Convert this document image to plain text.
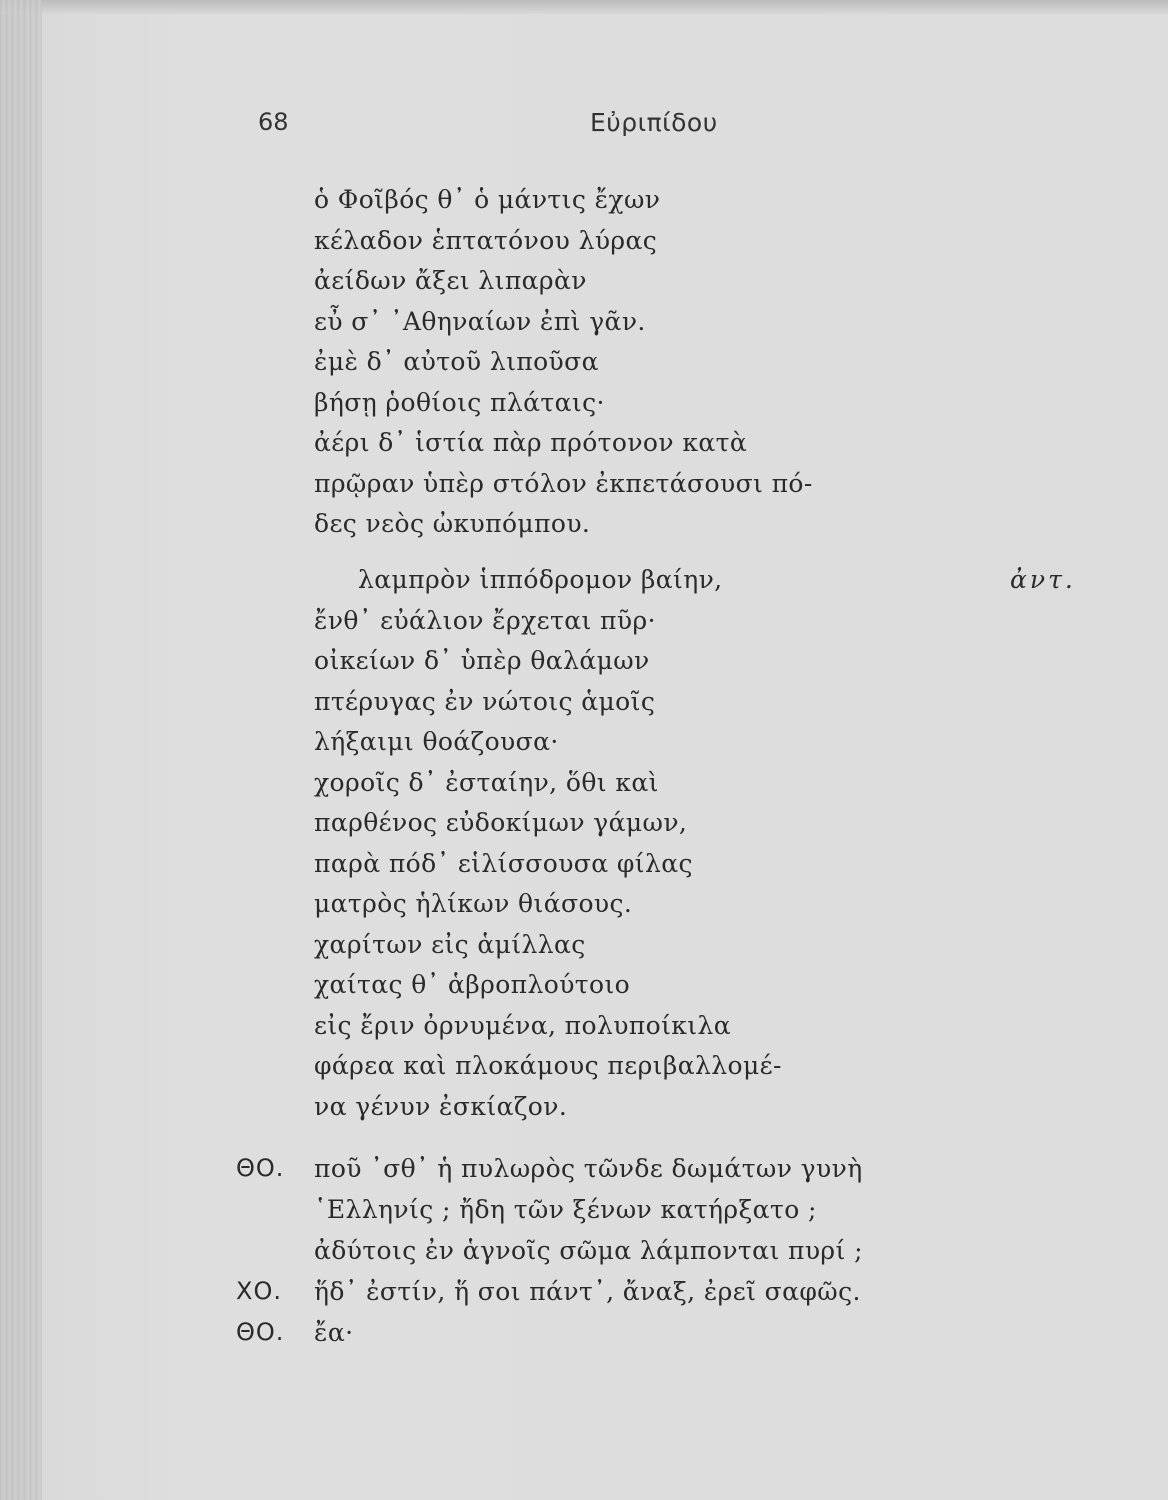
68	Εὐριπίδου
ὁ Φοῖβός θ᾽ ὁ μάντις ἔχων
κέλαδον ἑπτατόνου λύρας
ἀείδων ἄξει λιπαρὰν
εὖ σ᾽ ᾽Αθηναίων ἐπὶ γᾶν.
ἐμὲ δ᾽ αὐτοῦ λιποῦσα
βήσῃ ῥοθίοις πλάταις·
ἀέρι δ᾽ ἱστία πὰρ πρότονον κατὰ
πρῷραν ὑπὲρ στόλον ἐκπετάσουσι πό-
δες νεὸς ὠκυπόμπου.
ἀντ.
λαμπρὸν ἱππόδρομον βαίην,
ἔνθ᾽ εὐάλιον ἔρχεται πῦρ·
οἰκείων δ᾽ ὑπὲρ θαλάμων
πτέρυγας ἐν νώτοις ἁμοῖς
λήξαιμι θοάζουσα·
χοροῖς δ᾽ ἐσταίην, ὅθι καὶ
παρθένος εὐδοκίμων γάμων,
παρὰ πόδ᾽ εἱλίσσουσα φίλας
ματρὸς ἡλίκων θιάσους.
χαρίτων εἰς ἁμίλλας
χαίτας θ᾽ ἁβροπλούτοιο
εἰς ἔριν ὀρνυμένα, πολυποίκιλα
φάρεα καὶ πλοκάμους περιβαλλομέ-
να γένυν ἐσκίαζον.
ΘΟ. ποῦ ᾽σθ᾽ ἡ πυλωρὸς τῶνδε δωμάτων γυνὴ
῾Ελληνίς ; ἤδη τῶν ξένων κατήρξατο ;
ἀδύτοις ἐν ἁγνοῖς σῶμα λάμπονται πυρί ;
ΧΟ. ἥδ᾽ ἐστίν, ἥ σοι πάντ᾽, ἄναξ, ἐρεῖ σαφῶς.
ΘΟ. ἔα·
